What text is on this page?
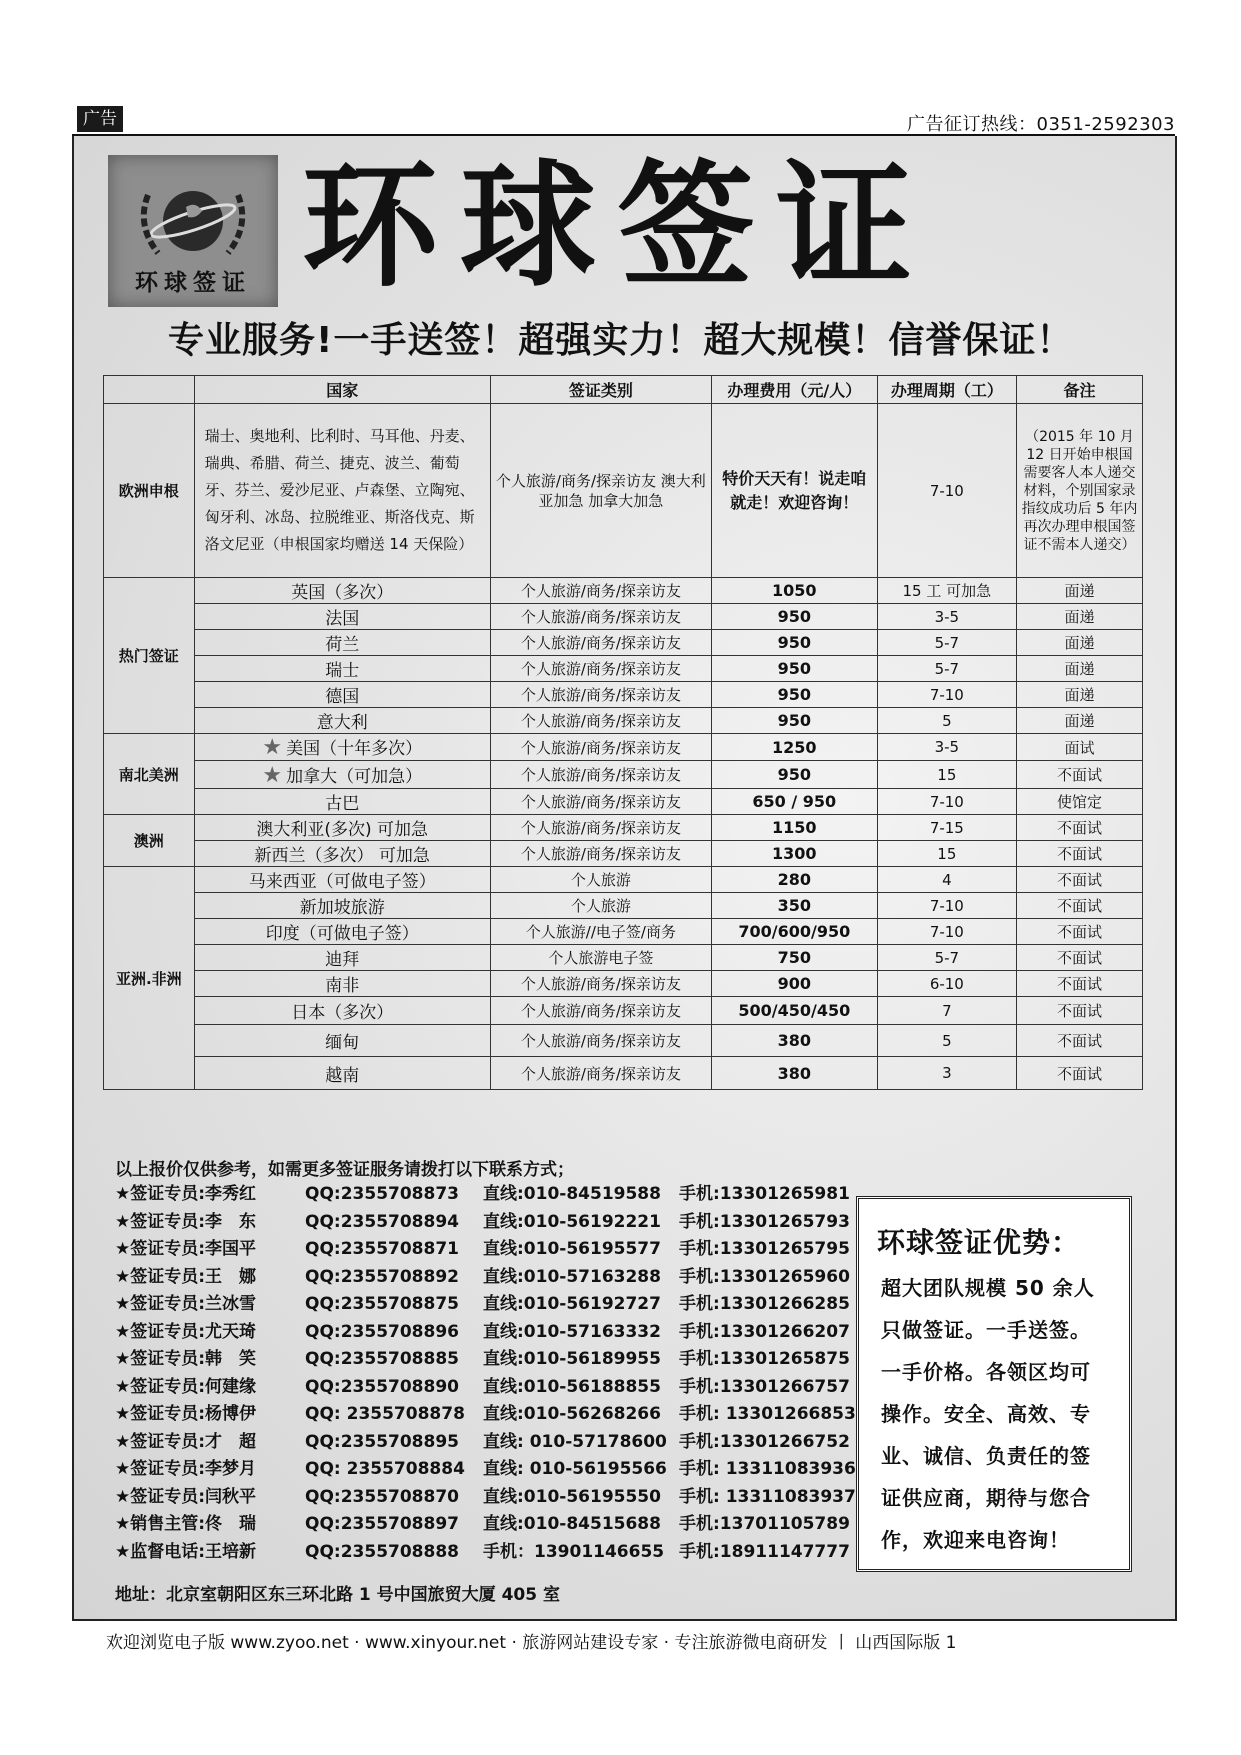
广告	广告征订热线：0351-2592303
环球签证 环球签证
专业服务!一手送签！超强实力！超大规模！信誉保证！
	国家	签证类别	办理费用（元/人）	办理周期（工）	备注
欧洲申根	瑞士、奥地利、比利时、马耳他、丹麦、瑞典、希腊、荷兰、捷克、波兰、葡萄牙、芬兰、爱沙尼亚、卢森堡、立陶宛、匈牙利、冰岛、拉脱维亚、斯洛伐克、斯洛文尼亚（申根国家均赠送 14 天保险）	个人旅游/商务/探亲访友 澳大利亚加急 加拿大加急	特价天天有！说走咱就走！欢迎咨询！	7-10	（2015 年 10 月 12 日开始申根国需要客人本人递交材料，个别国家录指纹成功后 5 年内再次办理申根国签证不需本人递交）
热门签证	英国（多次）	个人旅游/商务/探亲访友	1050	15 工 可加急	面递
	法国	个人旅游/商务/探亲访友	950	3-5	面递
	荷兰	个人旅游/商务/探亲访友	950	5-7	面递
	瑞士	个人旅游/商务/探亲访友	950	5-7	面递
	德国	个人旅游/商务/探亲访友	950	7-10	面递
	意大利	个人旅游/商务/探亲访友	950	5	面递
南北美洲	★ 美国（十年多次）	个人旅游/商务/探亲访友	1250	3-5	面试
	★ 加拿大（可加急）	个人旅游/商务/探亲访友	950	15	不面试
	古巴	个人旅游/商务/探亲访友	650 / 950	7-10	使馆定
澳洲	澳大利亚(多次) 可加急	个人旅游/商务/探亲访友	1150	7-15	不面试
	新西兰（多次） 可加急	个人旅游/商务/探亲访友	1300	15	不面试
亚洲.非洲	马来西亚（可做电子签）	个人旅游	280	4	不面试
	新加坡旅游	个人旅游	350	7-10	不面试
	印度（可做电子签）	个人旅游//电子签/商务	700/600/950	7-10	不面试
	迪拜	个人旅游电子签	750	5-7	不面试
	南非	个人旅游/商务/探亲访友	900	6-10	不面试
	日本（多次）	个人旅游/商务/探亲访友	500/450/450	7	不面试
	缅甸	个人旅游/商务/探亲访友	380	5	不面试
	越南	个人旅游/商务/探亲访友	380	3	不面试
以上报价仅供参考，如需更多签证服务请拨打以下联系方式；
★签证专员:李秀红	QQ:2355708873 直线:010-84519588 手机:13301265981
★签证专员:李　东	QQ:2355708894 直线:010-56192221 手机:13301265793
★签证专员:李国平	QQ:2355708871 直线:010-56195577 手机:13301265795
★签证专员:王　娜	QQ:2355708892 直线:010-57163288 手机:13301265960
★签证专员:兰冰雪	QQ:2355708875 直线:010-56192727 手机:13301266285
★签证专员:尤天琦	QQ:2355708896 直线:010-57163332 手机:13301266207
★签证专员:韩　笑	QQ:2355708885 直线:010-56189955 手机:13301265875
★签证专员:何建缘	QQ:2355708890 直线:010-56188855 手机:13301266757
★签证专员:杨博伊	QQ: 2355708878 直线:010-56268266 手机: 13301266853
★签证专员:才　超	QQ:2355708895 直线: 010-57178600 手机:13301266752
★签证专员:李梦月	QQ: 2355708884 直线: 010-56195566 手机: 13311083936
★签证专员:闫秋平	QQ:2355708870 直线:010-56195550 手机: 13311083937
★销售主管:佟　瑞	QQ:2355708897 直线:010-84515688 手机:13701105789
★监督电话:王培新	QQ:2355708888 手机：13901146655 手机:18911147777
地址：北京室朝阳区东三环北路 1 号中国旅贸大厦 405 室
环球签证优势：
超大团队规模 50 余人只做签证。一手送签。一手价格。各领区均可操作。安全、高效、专业、诚信、负责任的签证供应商，期待与您合作，欢迎来电咨询！
欢迎浏览电子版 www.zyoo.net · www.xinyour.net · 旅游网站建设专家 · 专注旅游微电商研发 丨 山西国际版 1
